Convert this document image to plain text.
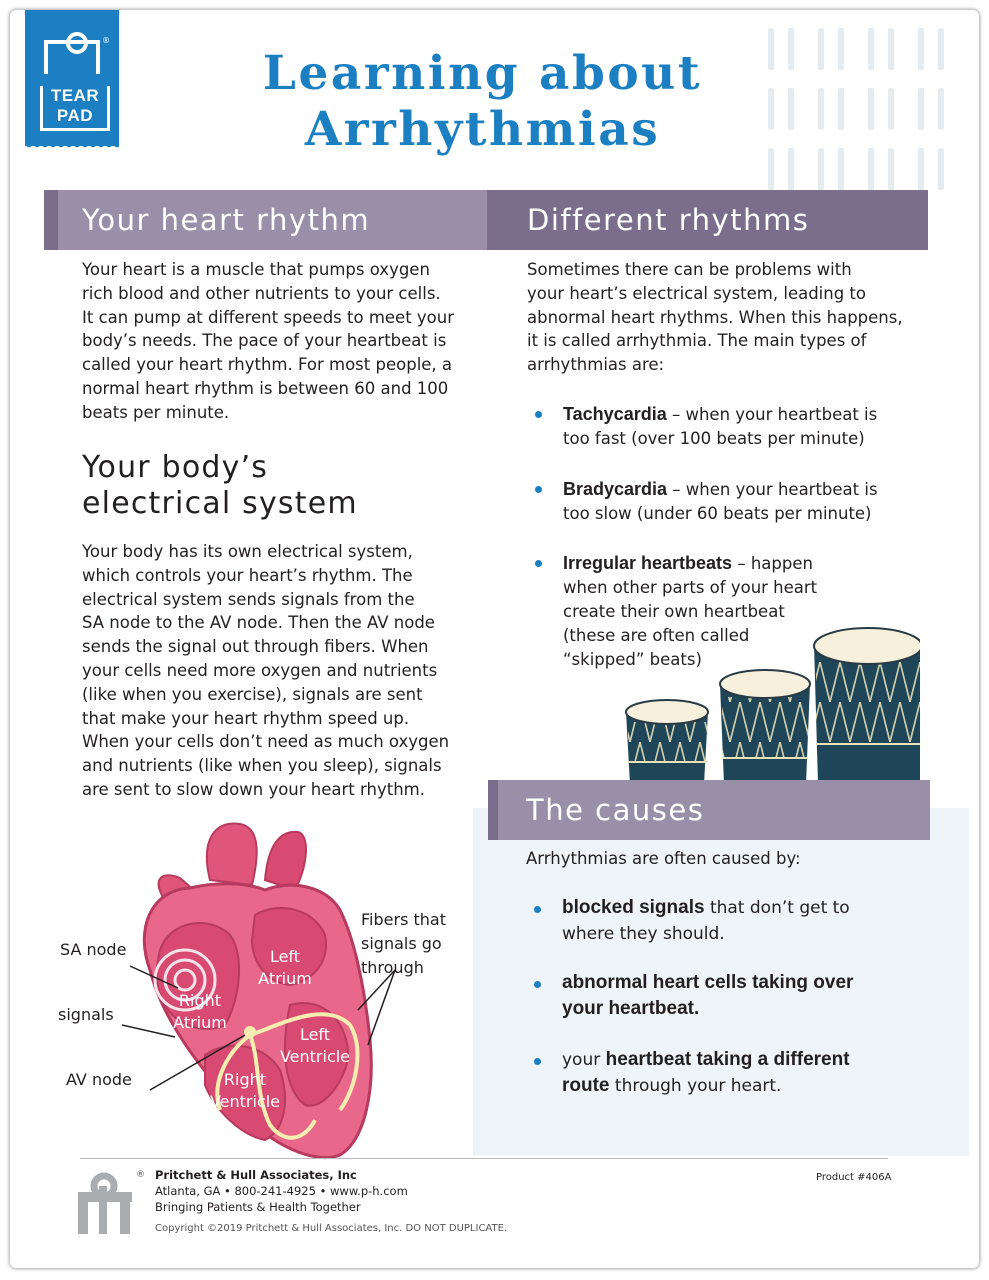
®
TEAR
PAD
Learning about
Arrhythmias
Your heart rhythm	Different rhythms
Your heart is a muscle that pumps oxygen
rich blood and other nutrients to your cells.
It can pump at different speeds to meet your
body’s needs. The pace of your heartbeat is
called your heart rhythm. For most people, a
normal heart rhythm is between 60 and 100
beats per minute.
Your body’s
electrical system
Your body has its own electrical system,
which controls your heart’s rhythm. The
electrical system sends signals from the
SA node to the AV node. Then the AV node
sends the signal out through fibers. When
your cells need more oxygen and nutrients
(like when you exercise), signals are sent
that make your heart rhythm speed up.
When your cells don’t need as much oxygen
and nutrients (like when you sleep), signals
are sent to slow down your heart rhythm.
SA node
signals
AV node
Fibers that
signals go
through
Left
Atrium
Right
Atrium
Left
Ventricle
Right
Ventricle
Sometimes there can be problems with
your heart’s electrical system, leading to
abnormal heart rhythms. When this happens,
it is called arrhythmia. The main types of
arrhythmias are:
Tachycardia – when your heartbeat is
too fast (over 100 beats per minute)
Bradycardia – when your heartbeat is
too slow (under 60 beats per minute)
Irregular heartbeats – happen
when other parts of your heart
create their own heartbeat
(these are often called
“skipped” beats)
The causes
Arrhythmias are often caused by:
blocked signals that don’t get to
where they should.
abnormal heart cells taking over
your heartbeat.
your heartbeat taking a different
route through your heart.
® Pritchett & Hull Associates, Inc
Atlanta, GA • 800-241-4925 • www.p-h.com
Bringing Patients & Health Together
Copyright ©2019 Pritchett & Hull Associates, Inc. DO NOT DUPLICATE.
Product #406A
